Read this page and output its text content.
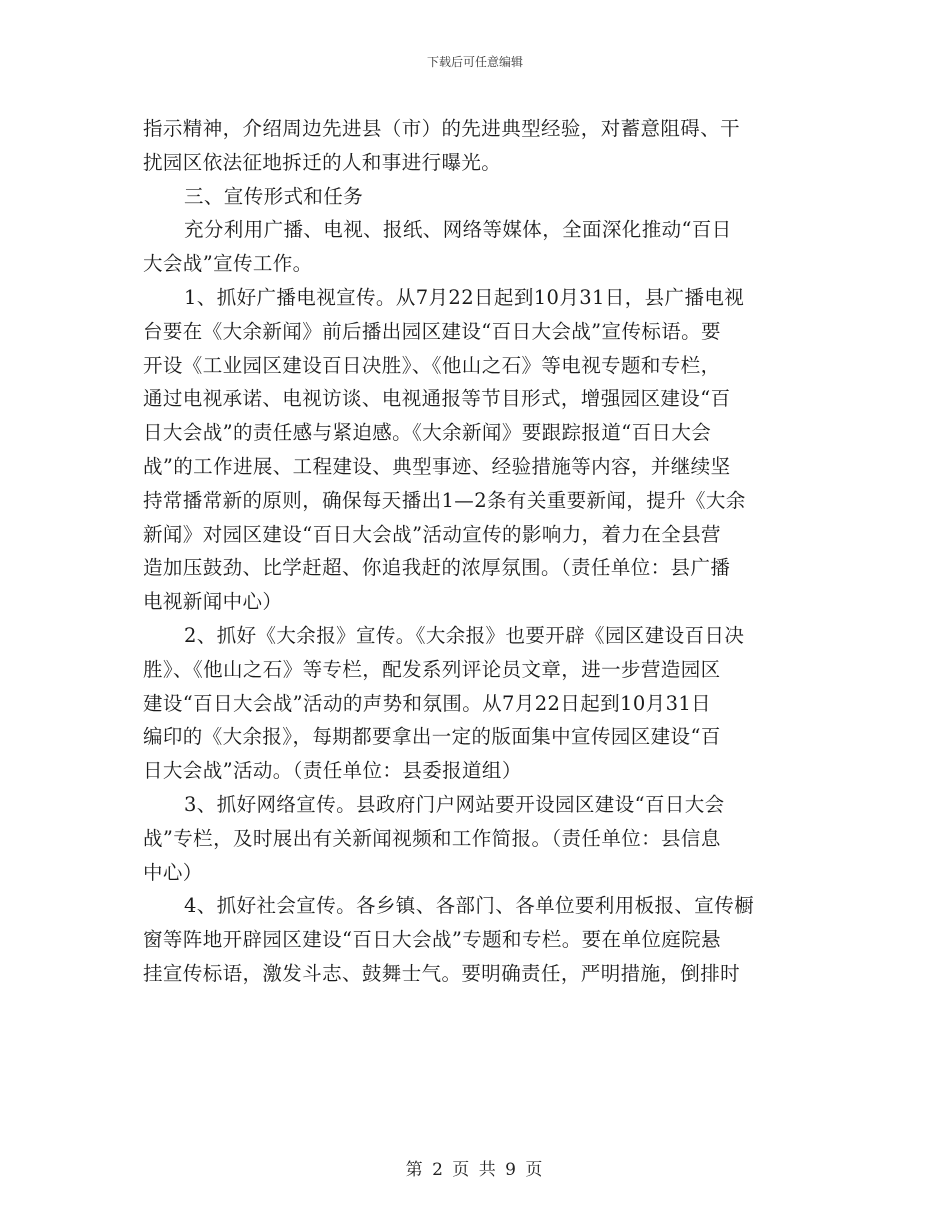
下载后可任意编辑
指示精神，介绍周边先进县（市）的先进典型经验，对蓄意阻碍、干
扰园区依法征地拆迁的人和事进行曝光。
三、宣传形式和任务
充分利用广播、电视、报纸、网络等媒体，全面深化推动“百日
大会战”宣传工作。
1、抓好广播电视宣传。从7月22日起到10月31日，县广播电视
台要在《大余新闻》前后播出园区建设“百日大会战”宣传标语。要
开设《工业园区建设百日决胜》、《他山之石》等电视专题和专栏，
通过电视承诺、电视访谈、电视通报等节目形式，增强园区建设“百
日大会战”的责任感与紧迫感。《大余新闻》要跟踪报道“百日大会
战”的工作进展、工程建设、典型事迹、经验措施等内容，并继续坚
持常播常新的原则，确保每天播出1—2条有关重要新闻，提升《大余
新闻》对园区建设“百日大会战”活动宣传的影响力，着力在全县营
造加压鼓劲、比学赶超、你追我赶的浓厚氛围。（责任单位：县广播
电视新闻中心）
2、抓好《大余报》宣传。《大余报》也要开辟《园区建设百日决
胜》、《他山之石》等专栏，配发系列评论员文章，进一步营造园区
建设“百日大会战”活动的声势和氛围。从7月22日起到10月31日
编印的《大余报》，每期都要拿出一定的版面集中宣传园区建设“百
日大会战”活动。（责任单位：县委报道组）
3、抓好网络宣传。县政府门户网站要开设园区建设“百日大会
战”专栏，及时展出有关新闻视频和工作简报。（责任单位：县信息
中心）
4、抓好社会宣传。各乡镇、各部门、各单位要利用板报、宣传橱
窗等阵地开辟园区建设“百日大会战”专题和专栏。要在单位庭院悬
挂宣传标语，激发斗志、鼓舞士气。要明确责任，严明措施，倒排时
第 2 页 共 9 页
